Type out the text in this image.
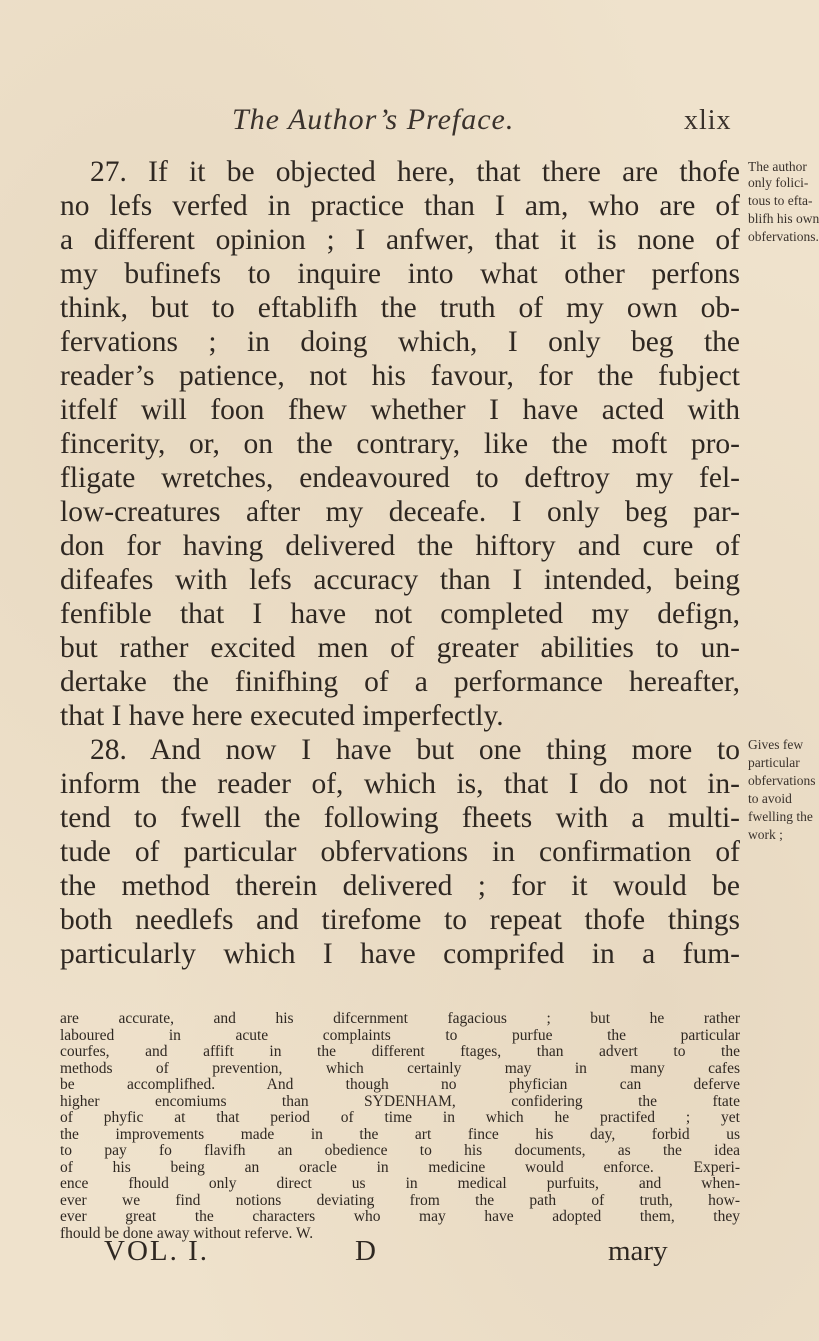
The Author’s Preface.	xlix
27. If it be objected here, that there are thofe
no lefs verfed in practice than I am, who are of
a different opinion ; I anfwer, that it is none of
my bufinefs to inquire into what other perfons
think, but to eftablifh the truth of my own ob-
fervations ; in doing which, I only beg the
reader’s patience, not his favour, for the fubject
itfelf will foon fhew whether I have acted with
fincerity, or, on the contrary, like the moft pro-
fligate wretches, endeavoured to deftroy my fel-
low-creatures after my deceafe. I only beg par-
don for having delivered the hiftory and cure of
difeafes with lefs accuracy than I intended, being
fenfible that I have not completed my defign,
but rather excited men of greater abilities to un-
dertake the finifhing of a performance hereafter,
that I have here executed imperfectly.
The author
only folici-
tous to efta-
blifh his own
obfervations.
28. And now I have but one thing more to
inform the reader of, which is, that I do not in-
tend to fwell the following fheets with a multi-
tude of particular obfervations in confirmation of
the method therein delivered ; for it would be
both needlefs and tirefome to repeat thofe things
particularly which I have comprifed in a fum-
Gives few
particular
obfervations
to avoid
fwelling the
work ;
are accurate, and his difcernment fagacious ; but he rather
laboured in acute complaints to purfue the particular
courfes, and affift in the different ftages, than advert to the
methods of prevention, which certainly may in many cafes
be accomplifhed. And though no phyfician can deferve
higher encomiums than SYDENHAM, confidering the ftate
of phyfic at that period of time in which he practifed ; yet
the improvements made in the art fince his day, forbid us
to pay fo flavifh an obedience to his documents, as the idea
of his being an oracle in medicine would enforce. Experi-
ence fhould only direct us in medical purfuits, and when-
ever we find notions deviating from the path of truth, how-
ever great the characters who may have adopted them, they
fhould be done away without referve. W.
VOL. I.	D	mary
